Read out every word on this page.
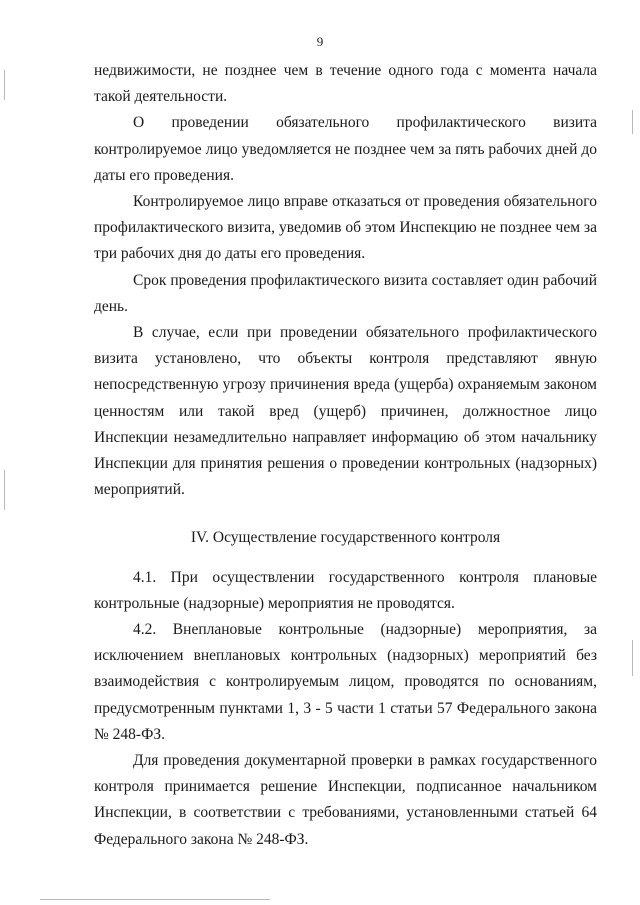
9

недвижимости, не позднее чем в течение одного года с момента начала такой деятельности.

О проведении обязательного профилактического визита контролируемое лицо уведомляется не позднее чем за пять рабочих дней до даты его проведения.

Контролируемое лицо вправе отказаться от проведения обязательного профилактического визита, уведомив об этом Инспекцию не позднее чем за три рабочих дня до даты его проведения.

Срок проведения профилактического визита составляет один рабочий день.

В случае, если при проведении обязательного профилактического визита установлено, что объекты контроля представляют явную непосредственную угрозу причинения вреда (ущерба) охраняемым законом ценностям или такой вред (ущерб) причинен, должностное лицо Инспекции незамедлительно направляет информацию об этом начальнику Инспекции для принятия решения о проведении контрольных (надзорных) мероприятий.

IV. Осуществление государственного контроля

4.1. При осуществлении государственного контроля плановые контрольные (надзорные) мероприятия не проводятся.

4.2. Внеплановые контрольные (надзорные) мероприятия, за исключением внеплановых контрольных (надзорных) мероприятий без взаимодействия с контролируемым лицом, проводятся по основаниям, предусмотренным пунктами 1, 3 - 5 части 1 статьи 57 Федерального закона № 248-ФЗ.

Для проведения документарной проверки в рамках государственного контроля принимается решение Инспекции, подписанное начальником Инспекции, в соответствии с требованиями, установленными статьей 64 Федерального закона № 248-ФЗ.
